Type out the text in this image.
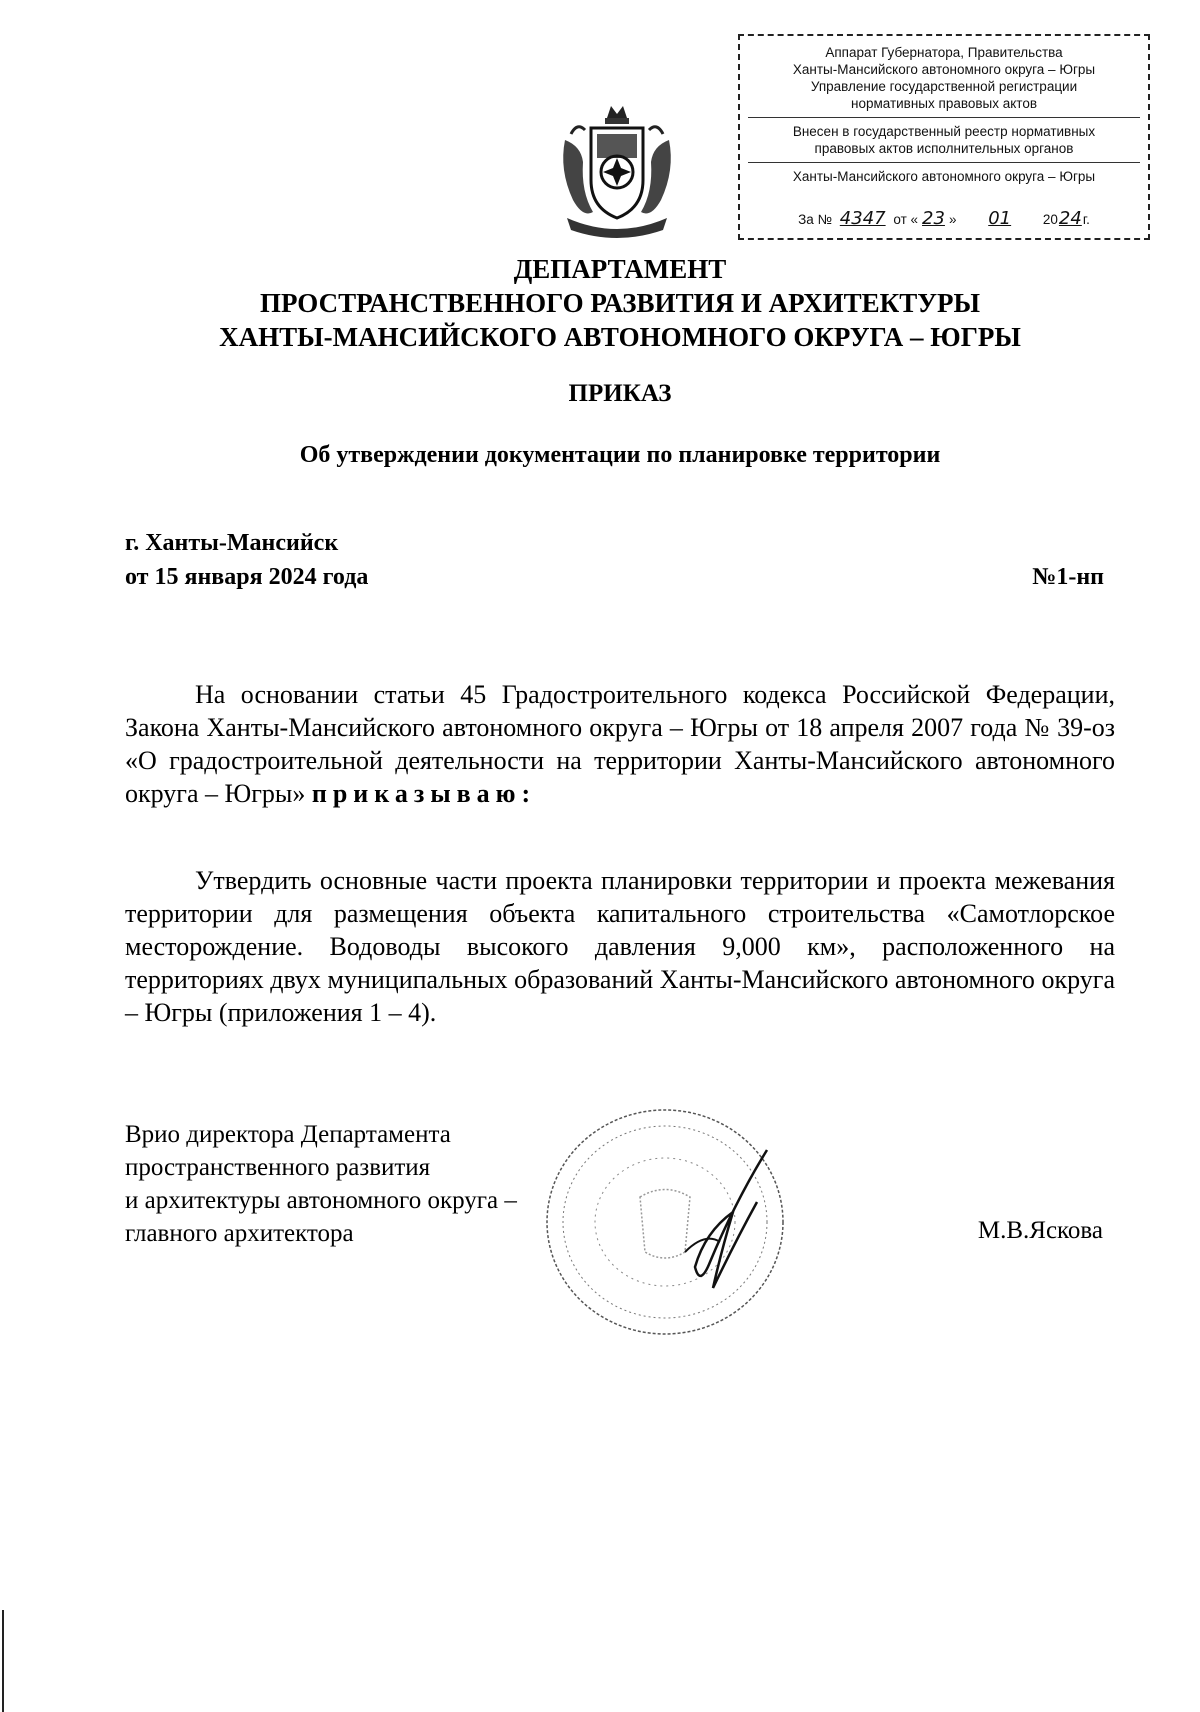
Аппарат Губернатора, Правительства
Ханты-Мансийского автономного округа – Югры
Управление государственной регистрации
нормативных правовых актов
Внесен в государственный реестр нормативных
правовых актов исполнительных органов
Ханты-Мансийского автономного округа – Югры
За № 4347 от « 23 » 01 2024г.
ДЕПАРТАМЕНТ
ПРОСТРАНСТВЕННОГО РАЗВИТИЯ И АРХИТЕКТУРЫ
ХАНТЫ-МАНСИЙСКОГО АВТОНОМНОГО ОКРУГА – ЮГРЫ
ПРИКАЗ
Об утверждении документации по планировке территории
г. Ханты-Мансийск
от 15 января 2024 года	№1-нп
На основании статьи 45 Градостроительного кодекса Российской Федерации, Закона Ханты-Мансийского автономного округа – Югры от 18 апреля 2007 года № 39-оз «О градостроительной деятельности на территории Ханты-Мансийского автономного округа – Югры» приказываю:
Утвердить основные части проекта планировки территории и проекта межевания территории для размещения объекта капитального строительства «Самотлорское месторождение. Водоводы высокого давления 9,000 км», расположенного на территориях двух муниципальных образований Ханты-Мансийского автономного округа – Югры (приложения 1 – 4).
Врио директора Департамента
пространственного развития
и архитектуры автономного округа –
главного архитектора	М.В.Яскова
